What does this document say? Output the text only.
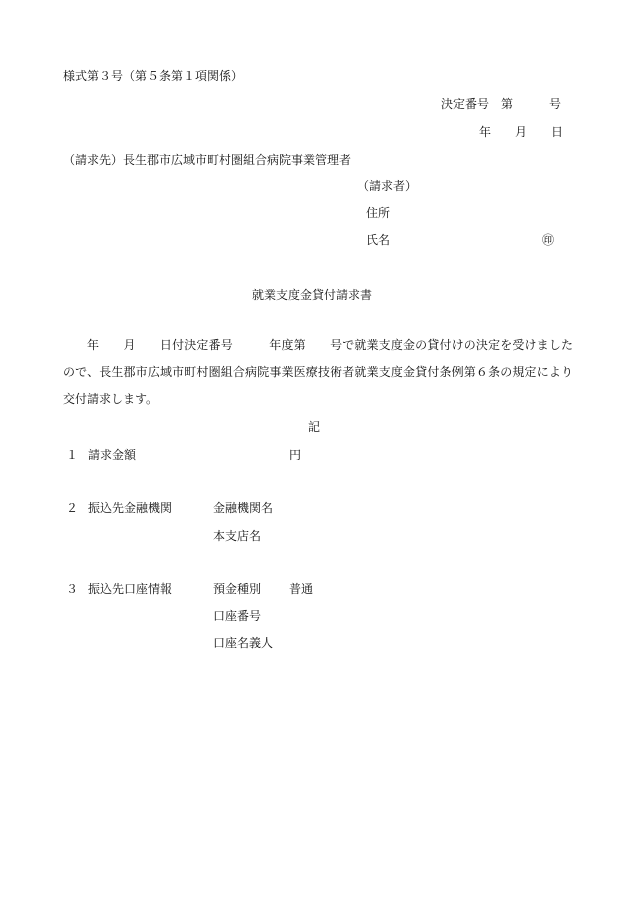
様式第３号（第５条第１項関係）
決定番号　第　　　号
年　　月　　日
（請求先）長生郡市広域市町村圏組合病院事業管理者
（請求者）
住所
氏名	㊞
就業支度金貸付請求書
年　　月　　日付決定番号　　　年度第　　号で就業支度金の貸付けの決定を受けましたので、長生郡市広域市町村圏組合病院事業医療技術者就業支度金貸付条例第６条の規定により交付請求します。
記
１ 請求金額	円
２ 振込先金融機関	金融機関名
本支店名
３ 振込先口座情報	預金種別 普通
口座番号
口座名義人
